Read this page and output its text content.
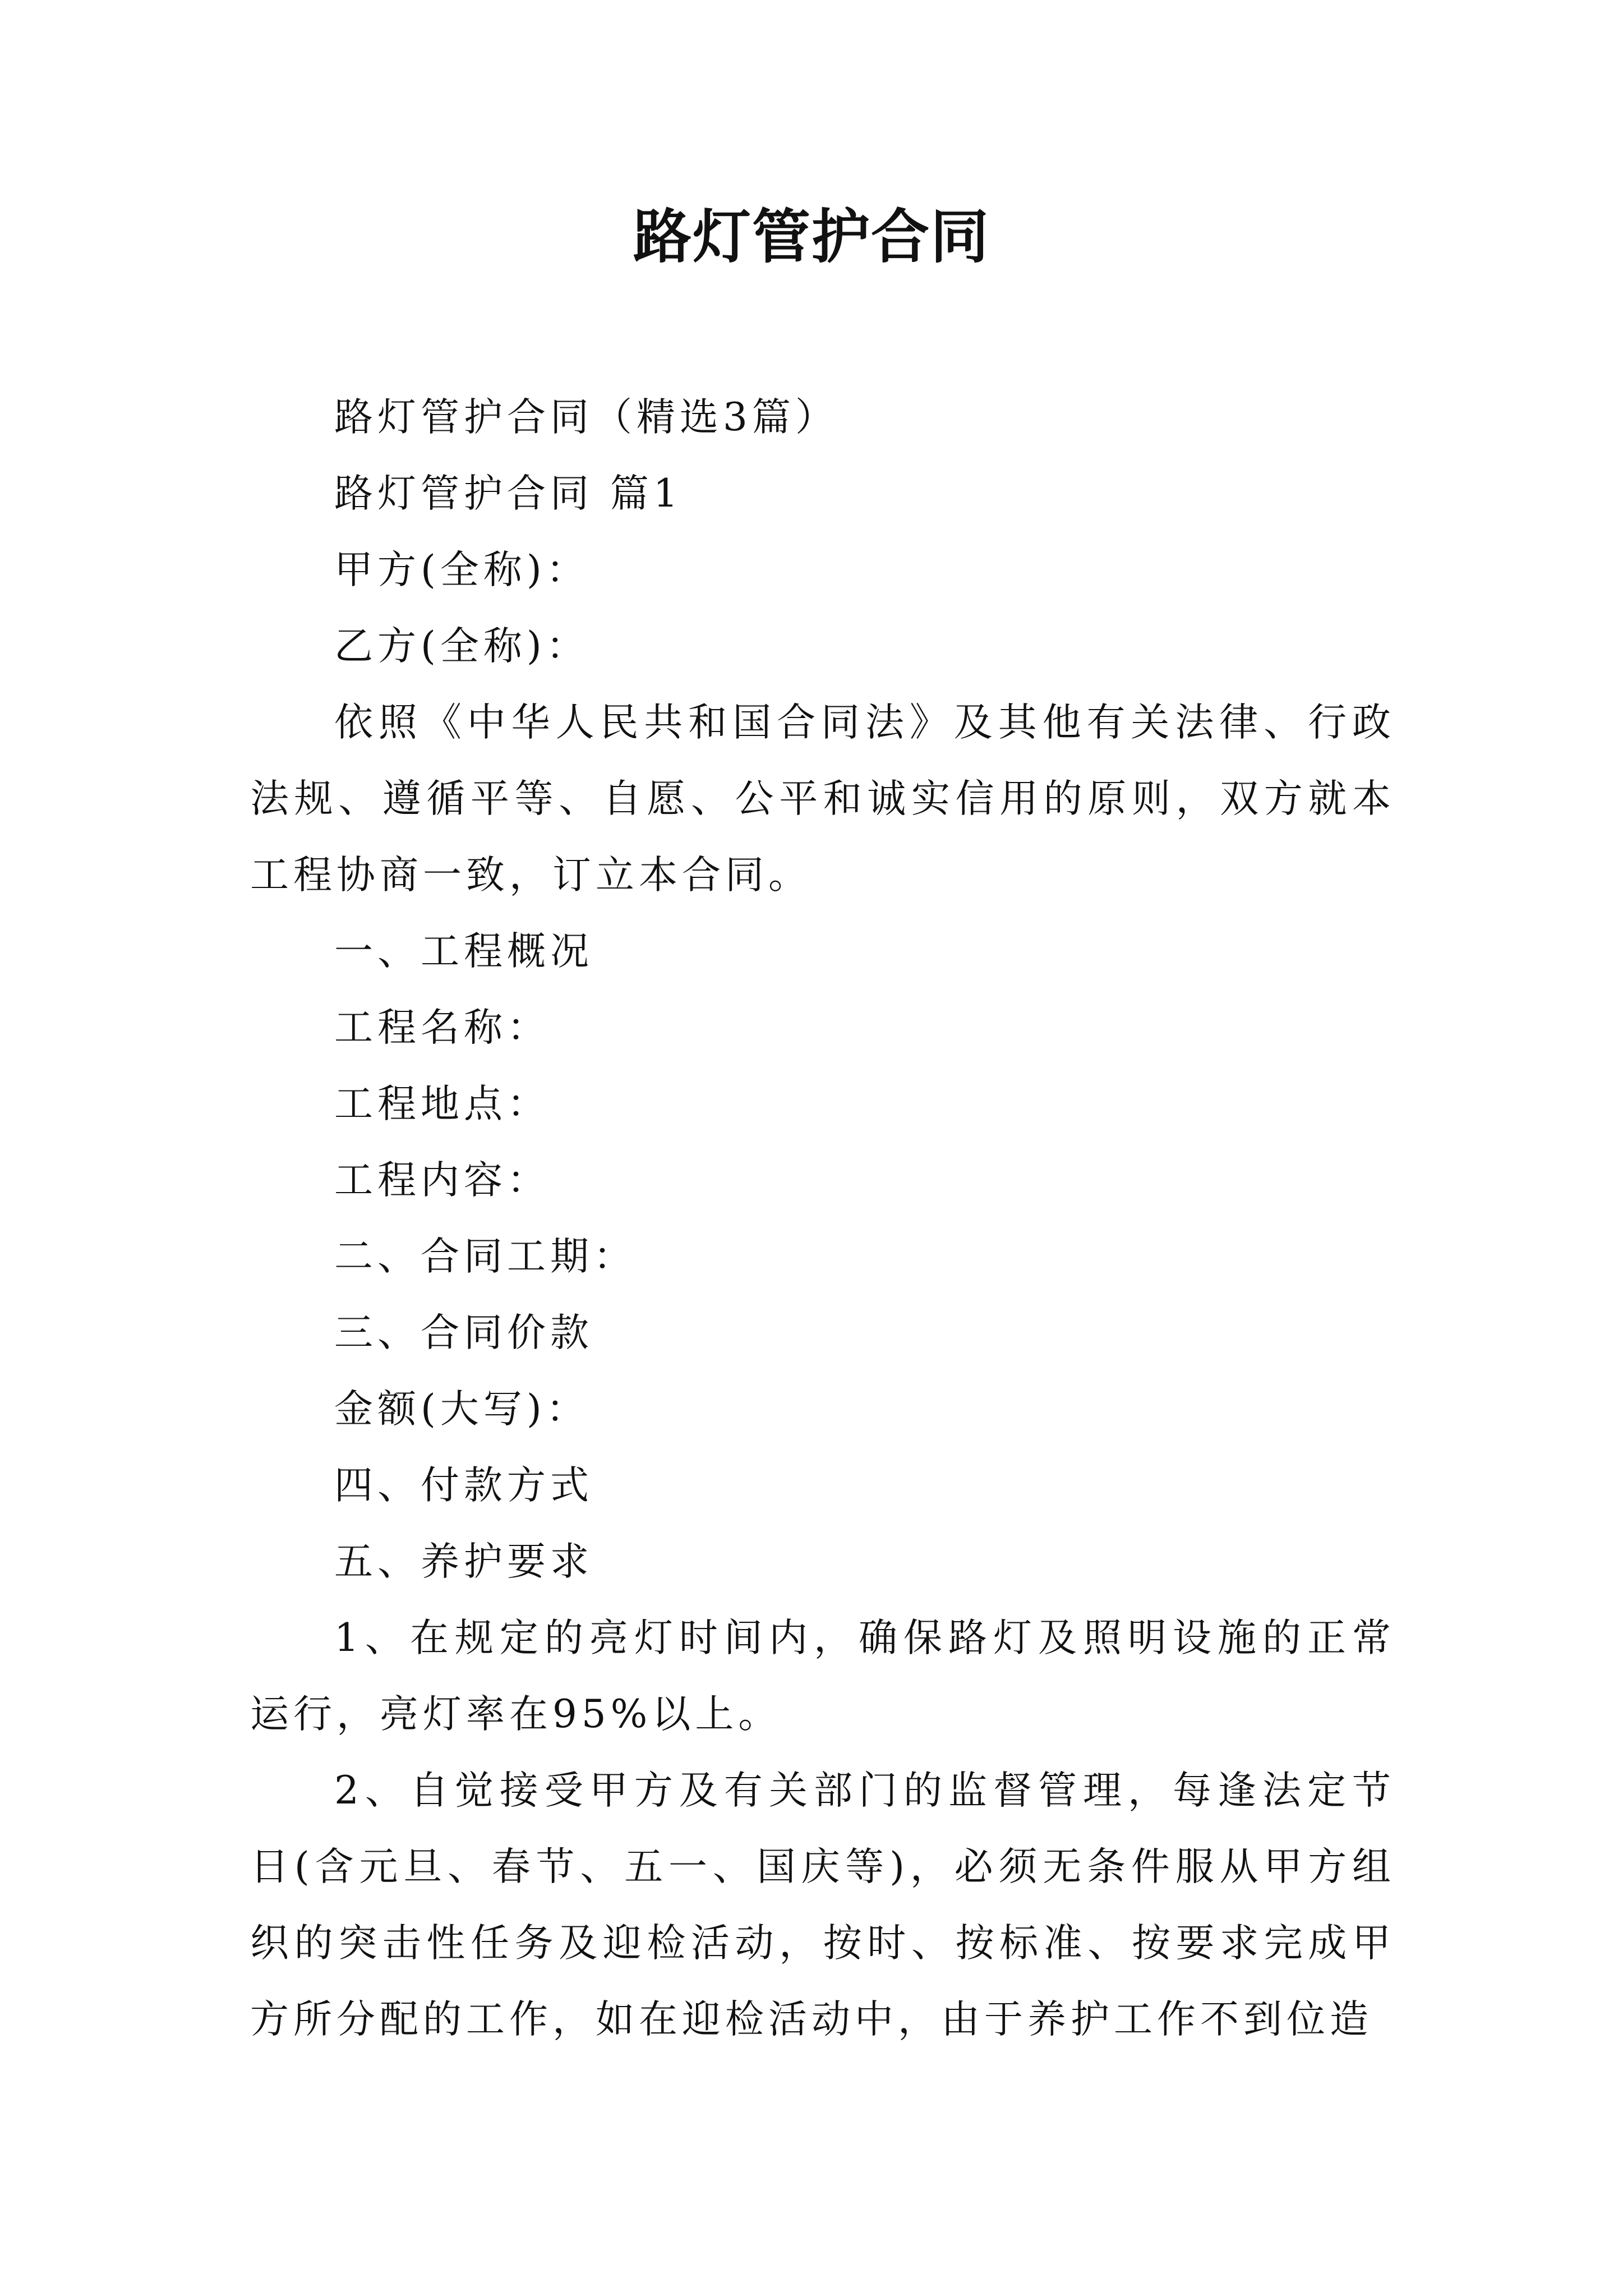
路灯管护合同

路灯管护合同（精选3篇）

路灯管护合同 篇1

甲方(全称)：

乙方(全称)：

依照《中华人民共和国合同法》及其他有关法律、行政法规、遵循平等、自愿、公平和诚实信用的原则，双方就本工程协商一致，订立本合同。

一、工程概况

工程名称：

工程地点：

工程内容：

二、合同工期：

三、合同价款

金额(大写)：

四、付款方式

五、养护要求

1、在规定的亮灯时间内，确保路灯及照明设施的正常运行，亮灯率在95%以上。

2、自觉接受甲方及有关部门的监督管理，每逢法定节日(含元旦、春节、五一、国庆等)，必须无条件服从甲方组织的突击性任务及迎检活动，按时、按标准、按要求完成甲方所分配的工作，如在迎检活动中，由于养护工作不到位造
